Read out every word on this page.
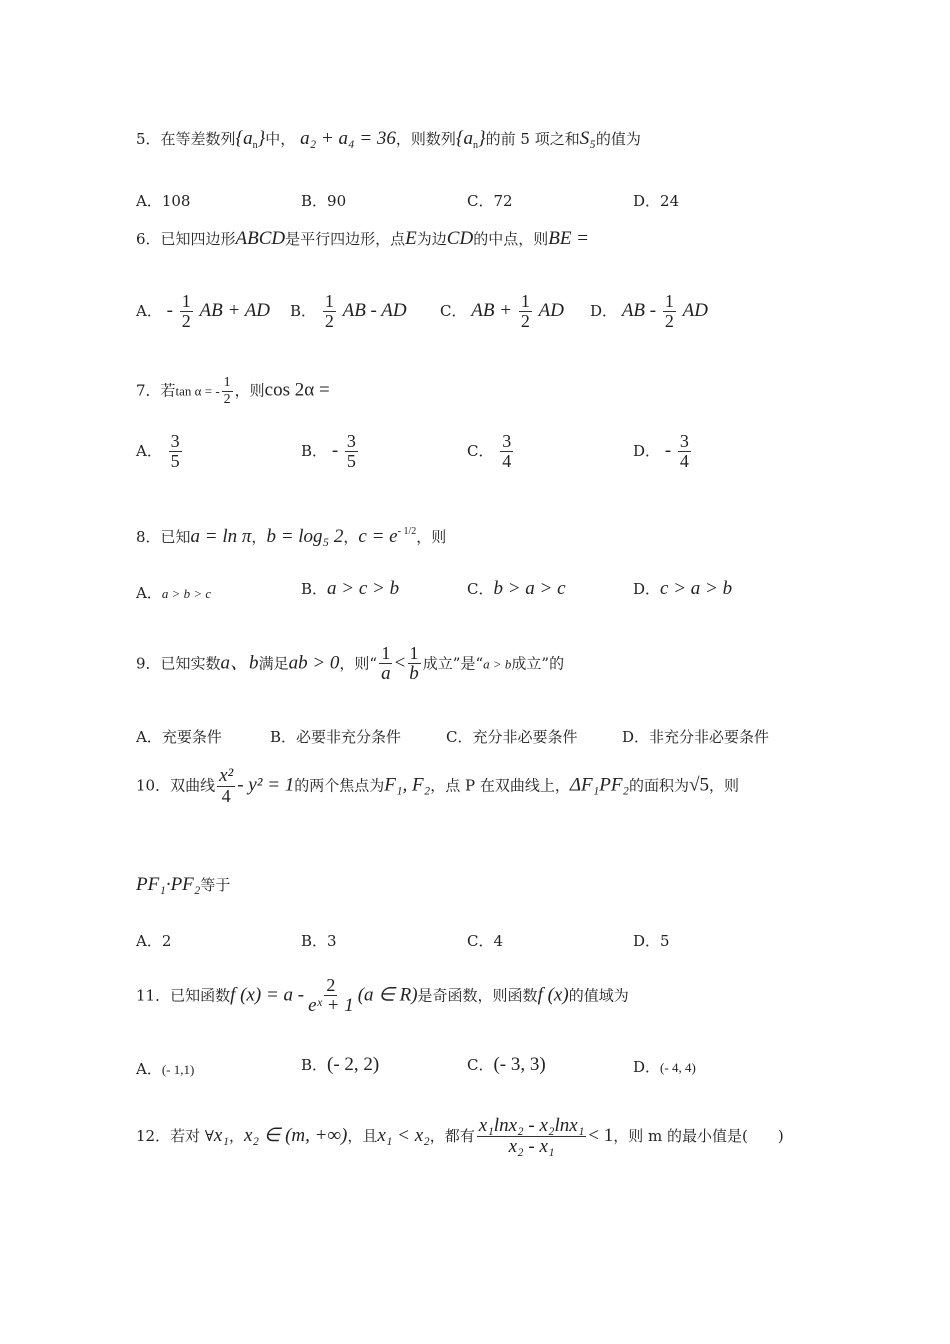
5．在等差数列$\{a_n\}$中， a₂ + a₄ = 36，则数列$\{a_n\}$的前 5 项之和S₅的值为
A．108	B．90	C．72	D．24
6．已知四边形ABCD是平行四边形，点E为边CD的中点，则BE =
A． - $\frac{1}{2}$ AB + AD B． $\frac{1}{2}$ AB - AD C． AB + $\frac{1}{2}$ AD D． AB - $\frac{1}{2}$ AD
7．若tan α = - $\frac{1}{2}$ ，则cos 2α =
A． $\frac{3}{5}$	B． - $\frac{3}{5}$	C． $\frac{3}{4}$	D． - $\frac{3}{4}$
8．已知a = ln π，b = log₅ 2，$c = e^{- 1/2}$，则
A．a > b > c	B．a > c > b	C．b > a > c	D．c > a > b
9．已知实数a、b满足ab > 0，则“ $\frac{1}{a} < \frac{1}{b}$ 成立”是“a > b成立”的
A．充要条件	B．必要非充分条件	C．充分非必要条件	D．非充分非必要条件
10．双曲线 $\frac{\text{x²}}{4} - y^2 = 1$的两个焦点为F₁, F₂，点 P 在双曲线上，ΔF₁PF₂的面积为√5，则
PF₁·PF₂等于
A．2	B．3	C．4	D．5
11．已知函数f $(x) = a - \frac{2}{\text{eˣ + 1}} (a$ ∈ R)是奇函数，则函数f (x)的值域为
A．(- 1,1)	B．(- 2, 2)	C．(- 3, 3)	D．(- 4, 4)
12．若对 ∀x₁，x₂ ∈ (m, +∞)，且x₁ < x₂，都有 $\frac{\text{x₁lnx₂ - x₂lnx₁}}{\text{x₂ - x₁}} < 1$，则 m 的最小值是(　　)
